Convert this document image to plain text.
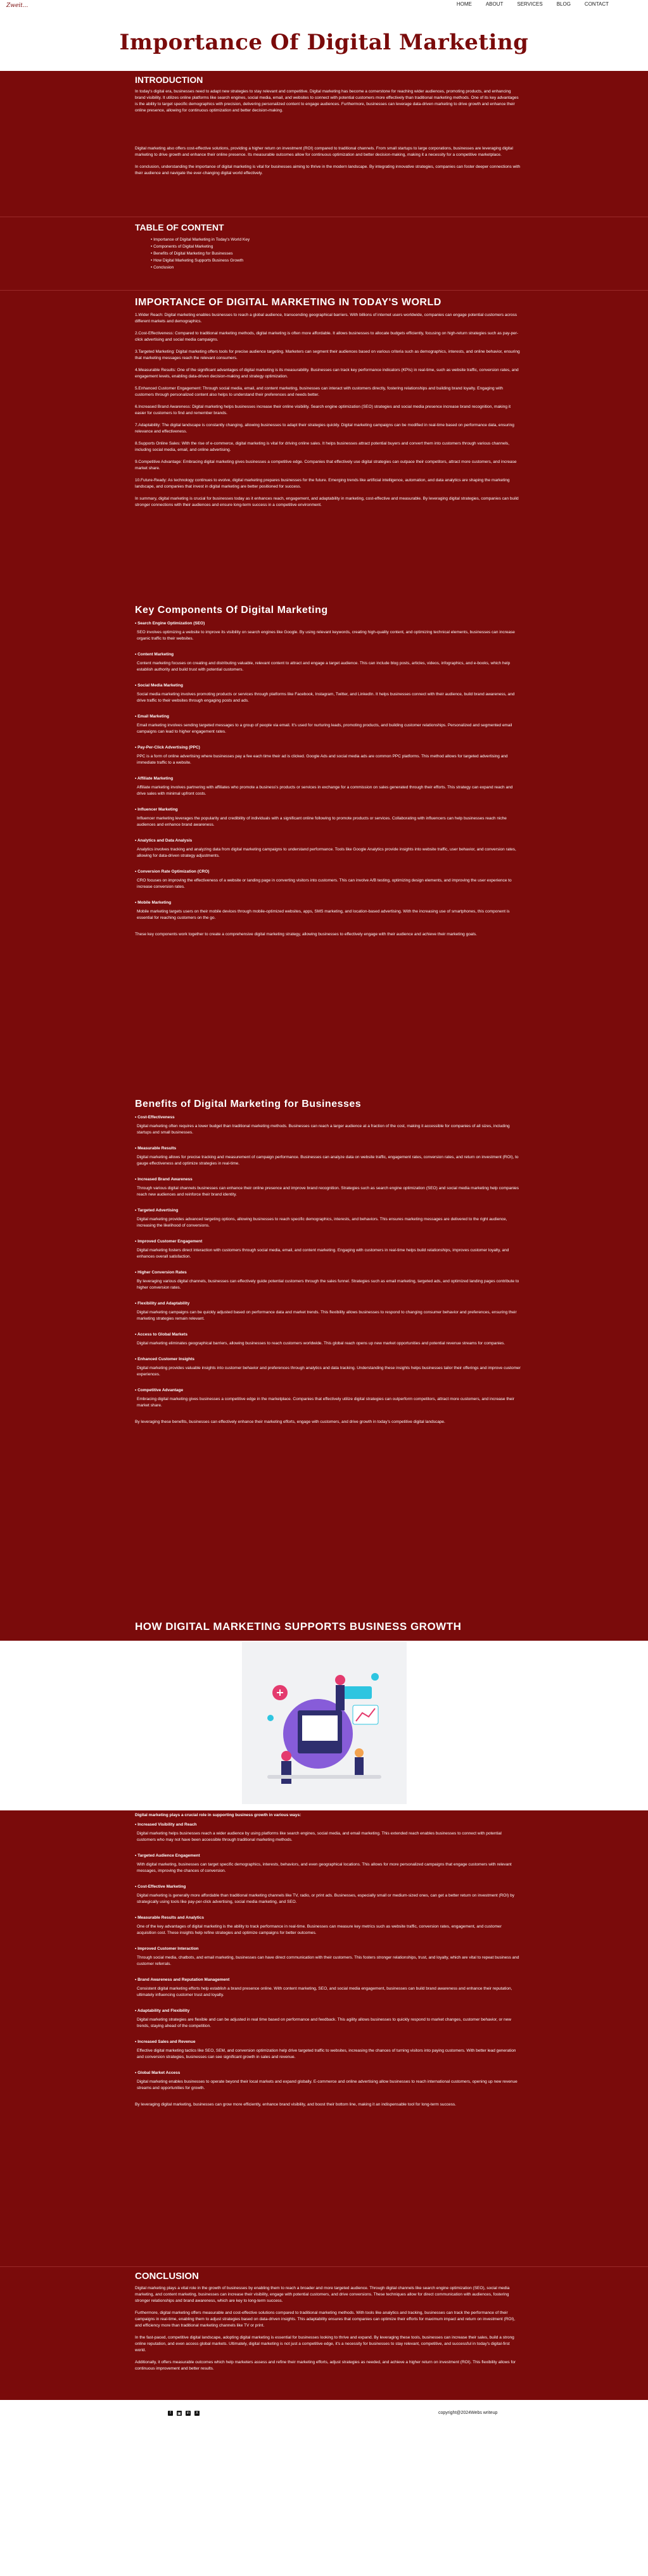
Zweit...	HOME	ABOUT	SERVICES	BLOG	CONTACT
Importance Of Digital Marketing
INTRODUCTION

In today's digital era, businesses need to adapt new strategies to stay relevant and competitive. Digital marketing has become a cornerstone for reaching wider audiences, promoting products, and enhancing brand visibility. It utilizes online platforms like search engines, social media, email, and websites to connect with potential customers more effectively than traditional marketing methods. One of its key advantages is the ability to target specific demographics with precision, delivering personalized content to engage audiences. Furthermore, businesses can leverage data-driven marketing to drive growth and enhance their online presence, allowing for continuous optimization and better decision-making.

Digital marketing also offers cost-effective solutions, providing a higher return on investment (ROI) compared to traditional channels. From small startups to large corporations, businesses are leveraging digital marketing to drive growth and enhance their online presence. Its measurable outcomes allow for continuous optimization and better decision-making, making it a necessity for a competitive marketplace.

In conclusion, understanding the importance of digital marketing is vital for businesses aiming to thrive in the modern landscape. By integrating innovative strategies, companies can foster deeper connections with their audience and navigate the ever-changing digital world effectively.

TABLE OF CONTENT
• Importance of Digital Marketing in Today's World Key
• Components of Digital Marketing
• Benefits of Digital Marketing for Businesses
• How Digital Marketing Supports Business Growth
• Conclusion
IMPORTANCE OF DIGITAL MARKETING IN TODAY'S WORLD

1.Wider Reach: Digital marketing enables businesses to reach a global audience, transcending geographical barriers. With billions of internet users worldwide, companies can engage potential customers across different markets and demographics.

2.Cost-Effectiveness: Compared to traditional marketing methods, digital marketing is often more affordable. It allows businesses to allocate budgets efficiently, focusing on high-return strategies such as pay-per-click advertising and social media campaigns.

3.Targeted Marketing: Digital marketing offers tools for precise audience targeting. Marketers can segment their audiences based on various criteria such as demographics, interests, and online behavior, ensuring that marketing messages reach the relevant consumers.

4.Measurable Results: One of the significant advantages of digital marketing is its measurability. Businesses can track key performance indicators (KPIs) in real-time, such as website traffic, conversion rates, and engagement levels, enabling data-driven decision-making and strategy optimization.

5.Enhanced Customer Engagement: Through social media, email, and content marketing, businesses can interact with customers directly, fostering relationships and building brand loyalty. Engaging with customers through personalized content also helps to understand their preferences and needs better.

6.Increased Brand Awareness: Digital marketing helps businesses increase their online visibility. Search engine optimization (SEO) strategies and social media presence increase brand recognition, making it easier for customers to find and remember brands.

7.Adaptability: The digital landscape is constantly changing, allowing businesses to adapt their strategies quickly. Digital marketing campaigns can be modified in real-time based on performance data, ensuring relevance and effectiveness.

8.Supports Online Sales: With the rise of e-commerce, digital marketing is vital for driving online sales. It helps businesses attract potential buyers and convert them into customers through various channels, including social media, email, and online advertising.

9.Competitive Advantage: Embracing digital marketing gives businesses a competitive edge. Companies that effectively use digital strategies can outpace their competitors, attract more customers, and increase market share.

10.Future-Ready: As technology continues to evolve, digital marketing prepares businesses for the future. Emerging trends like artificial intelligence, automation, and data analytics are shaping the marketing landscape, and companies that invest in digital marketing are better positioned for success.

In summary, digital marketing is crucial for businesses today as it enhances reach, engagement, and adaptability in marketing, cost-effective and measurable. By leveraging digital strategies, companies can build stronger connections with their audiences and ensure long-term success in a competitive environment.

Key Components Of Digital Marketing
• Search Engine Optimization (SEO)
SEO involves optimizing a website to improve its visibility on search engines like Google. By using relevant keywords, creating high-quality content, and optimizing technical elements, businesses can increase organic traffic to their websites.
• Content Marketing
Content marketing focuses on creating and distributing valuable, relevant content to attract and engage a target audience. This can include blog posts, articles, videos, infographics, and e-books, which help establish authority and build trust with potential customers.
• Social Media Marketing
Social media marketing involves promoting products or services through platforms like Facebook, Instagram, Twitter, and LinkedIn. It helps businesses connect with their audience, build brand awareness, and drive traffic to their websites through engaging posts and ads.
• Email Marketing
Email marketing involves sending targeted messages to a group of people via email. It's used for nurturing leads, promoting products, and building customer relationships. Personalized and segmented email campaigns can lead to higher engagement rates.
• Pay-Per-Click Advertising (PPC)
PPC is a form of online advertising where businesses pay a fee each time their ad is clicked. Google Ads and social media ads are common PPC platforms. This method allows for targeted advertising and immediate traffic to a website.
• Affiliate Marketing
Affiliate marketing involves partnering with affiliates who promote a business's products or services in exchange for a commission on sales generated through their efforts. This strategy can expand reach and drive sales with minimal upfront costs.
• Influencer Marketing
Influencer marketing leverages the popularity and credibility of individuals with a significant online following to promote products or services. Collaborating with influencers can help businesses reach niche audiences and enhance brand awareness.
• Analytics and Data Analysis
Analytics involves tracking and analyzing data from digital marketing campaigns to understand performance. Tools like Google Analytics provide insights into website traffic, user behavior, and conversion rates, allowing for data-driven strategy adjustments.
• Conversion Rate Optimization (CRO)
CRO focuses on improving the effectiveness of a website or landing page in converting visitors into customers. This can involve A/B testing, optimizing design elements, and improving the user experience to increase conversion rates.
• Mobile Marketing
Mobile marketing targets users on their mobile devices through mobile-optimized websites, apps, SMS marketing, and location-based advertising. With the increasing use of smartphones, this component is essential for reaching customers on the go.

These key components work together to create a comprehensive digital marketing strategy, allowing businesses to effectively engage with their audience and achieve their marketing goals.

Benefits of Digital Marketing for Businesses
• Cost-Effectiveness
Digital marketing often requires a lower budget than traditional marketing methods. Businesses can reach a larger audience at a fraction of the cost, making it accessible for companies of all sizes, including startups and small businesses.
• Measurable Results
Digital marketing allows for precise tracking and measurement of campaign performance. Businesses can analyze data on website traffic, engagement rates, conversion rates, and return on investment (ROI), to gauge effectiveness and optimize strategies in real-time.
• Increased Brand Awareness
Through various digital channels businesses can enhance their online presence and improve brand recognition. Strategies such as search engine optimization (SEO) and social media marketing help companies reach new audiences and reinforce their brand identity.
• Targeted Advertising
Digital marketing provides advanced targeting options, allowing businesses to reach specific demographics, interests, and behaviors. This ensures marketing messages are delivered to the right audience, increasing the likelihood of conversions.
• Improved Customer Engagement
Digital marketing fosters direct interaction with customers through social media, email, and content marketing. Engaging with customers in real-time helps build relationships, improves customer loyalty, and enhances overall satisfaction.
• Higher Conversion Rates
By leveraging various digital channels, businesses can effectively guide potential customers through the sales funnel. Strategies such as email marketing, targeted ads, and optimized landing pages contribute to higher conversion rates.
• Flexibility and Adaptability
Digital marketing campaigns can be quickly adjusted based on performance data and market trends. This flexibility allows businesses to respond to changing consumer behavior and preferences, ensuring their marketing strategies remain relevant.
• Access to Global Markets
Digital marketing eliminates geographical barriers, allowing businesses to reach customers worldwide. This global reach opens up new market opportunities and potential revenue streams for companies.
• Enhanced Customer Insights
Digital marketing provides valuable insights into customer behavior and preferences through analytics and data tracking. Understanding these insights helps businesses tailor their offerings and improve customer experiences.
• Competitive Advantage
Embracing digital marketing gives businesses a competitive edge in the marketplace. Companies that effectively utilize digital strategies can outperform competitors, attract more customers, and increase their market share.

By leveraging these benefits, businesses can effectively enhance their marketing efforts, engage with customers, and drive growth in today's competitive digital landscape.

HOW DIGITAL MARKETING SUPPORTS BUSINESS GROWTH
Digital marketing plays a crucial role in supporting business growth in various ways:
• Increased Visibility and Reach
Digital marketing helps businesses reach a wider audience by using platforms like search engines, social media, and email marketing. This extended reach enables businesses to connect with potential customers who may not have been accessible through traditional marketing methods.
• Targeted Audience Engagement
With digital marketing, businesses can target specific demographics, interests, behaviors, and even geographical locations. This allows for more personalized campaigns that engage customers with relevant messages, improving the chances of conversion.
• Cost-Effective Marketing
Digital marketing is generally more affordable than traditional marketing channels like TV, radio, or print ads. Businesses, especially small or medium-sized ones, can get a better return on investment (ROI) by strategically using tools like pay-per-click advertising, social media marketing, and SEO.
• Measurable Results and Analytics
One of the key advantages of digital marketing is the ability to track performance in real-time. Businesses can measure key metrics such as website traffic, conversion rates, engagement, and customer acquisition cost. These insights help refine strategies and optimize campaigns for better outcomes.
• Improved Customer Interaction
Through social media, chatbots, and email marketing, businesses can have direct communication with their customers. This fosters stronger relationships, trust, and loyalty, which are vital to repeat business and customer referrals.
• Brand Awareness and Reputation Management
Consistent digital marketing efforts help establish a brand presence online. With content marketing, SEO, and social media engagement, businesses can build brand awareness and enhance their reputation, ultimately influencing customer trust and loyalty.
• Adaptability and Flexibility
Digital marketing strategies are flexible and can be adjusted in real time based on performance and feedback. This agility allows businesses to quickly respond to market changes, customer behavior, or new trends, staying ahead of the competition.
• Increased Sales and Revenue
Effective digital marketing tactics like SEO, SEM, and conversion optimization help drive targeted traffic to websites, increasing the chances of turning visitors into paying customers. With better lead generation and conversion strategies, businesses can see significant growth in sales and revenue.
• Global Market Access
Digital marketing enables businesses to operate beyond their local markets and expand globally. E-commerce and online advertising allow businesses to reach international customers, opening up new revenue streams and opportunities for growth.

By leveraging digital marketing, businesses can grow more efficiently, enhance brand visibility, and boost their bottom line, making it an indispensable tool for long-term success.

CONCLUSION

Digital marketing plays a vital role in the growth of businesses by enabling them to reach a broader and more targeted audience. Through digital channels like search engine optimization (SEO), social media marketing, and content marketing, businesses can increase their visibility, engage with potential customers, and drive conversions. These techniques allow for direct communication with audiences, fostering stronger relationships and brand awareness, which are key to long-term success.

Furthermore, digital marketing offers measurable and cost-effective solutions compared to traditional marketing methods. With tools like analytics and tracking, businesses can track the performance of their campaigns in real-time, enabling them to adjust strategies based on data-driven insights. This adaptability ensures that companies can optimize their efforts for maximum impact and return on investment (ROI), and efficiency more than traditional marketing channels like TV or print.

In the fast-paced, competitive digital landscape, adopting digital marketing is essential for businesses looking to thrive and expand. By leveraging these tools, businesses can increase their sales, build a strong online reputation, and even access global markets. Ultimately, digital marketing is not just a competitive edge, it's a necessity for businesses to stay relevant, competitive, and successful in today's digital-first world.

Additionally, it offers measurable outcomes which help marketers assess and refine their marketing efforts, adjust strategies as needed, and achieve a higher return on investment (ROI). This flexibility allows for continuous improvement and better results.

f	▣ in	X	copyright@2024Webs writeup
